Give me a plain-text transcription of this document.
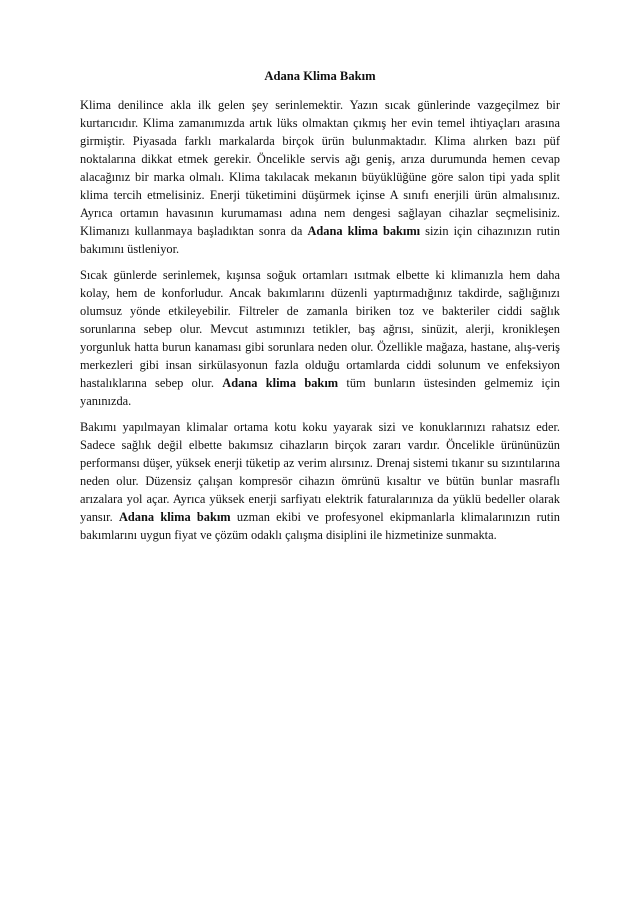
Adana Klima Bakım

Klima denilince akla ilk gelen şey serinlemektir. Yazın sıcak günlerinde vazgeçilmez bir kurtarıcıdır. Klima zamanımızda artık lüks olmaktan çıkmış her evin temel ihtiyaçları arasına girmiştir. Piyasada farklı markalarda birçok ürün bulunmaktadır. Klima alırken bazı püf noktalarına dikkat etmek gerekir. Öncelikle servis ağı geniş, arıza durumunda hemen cevap alacağınız bir marka olmalı. Klima takılacak mekanın büyüklüğüne göre salon tipi yada split klima tercih etmelisiniz. Enerji tüketimini düşürmek içinse A sınıfı enerjili ürün almalısınız. Ayrıca ortamın havasının kurumaması adına nem dengesi sağlayan cihazlar seçmelisiniz. Klimanızı kullanmaya başladıktan sonra da Adana klima bakımı sizin için cihazınızın rutin bakımını üstleniyor.

Sıcak günlerde serinlemek, kışınsa soğuk ortamları ısıtmak elbette ki klimanızla hem daha kolay, hem de konforludur. Ancak bakımlarını düzenli yaptırmadığınız takdirde, sağlığınızı olumsuz yönde etkileyebilir. Filtreler de zamanla biriken toz ve bakteriler ciddi sağlık sorunlarına sebep olur. Mevcut astımınızı tetikler, baş ağrısı, sinüzit, alerji, kronikleşen yorgunluk hatta burun kanaması gibi sorunlara neden olur. Özellikle mağaza, hastane, alış-veriş merkezleri gibi insan sirkülasyonun fazla olduğu ortamlarda ciddi solunum ve enfeksiyon hastalıklarına sebep olur. Adana klima bakım tüm bunların üstesinden gelmemiz için yanınızda.

Bakımı yapılmayan klimalar ortama kotu koku yayarak sizi ve konuklarınızı rahatsız eder. Sadece sağlık değil elbette bakımsız cihazların birçok zararı vardır. Öncelikle ürününüzün performansı düşer, yüksek enerji tüketip az verim alırsınız. Drenaj sistemi tıkanır su sızıntılarına neden olur. Düzensiz çalışan kompresör cihazın ömrünü kısaltır ve bütün bunlar masraflı arızalara yol açar. Ayrıca yüksek enerji sarfiyatı elektrik faturalarınıza da yüklü bedeller olarak yansır. Adana klima bakım uzman ekibi ve profesyonel ekipmanlarla klimalarınızın rutin bakımlarını uygun fiyat ve çözüm odaklı çalışma disiplini ile hizmetinize sunmakta.
